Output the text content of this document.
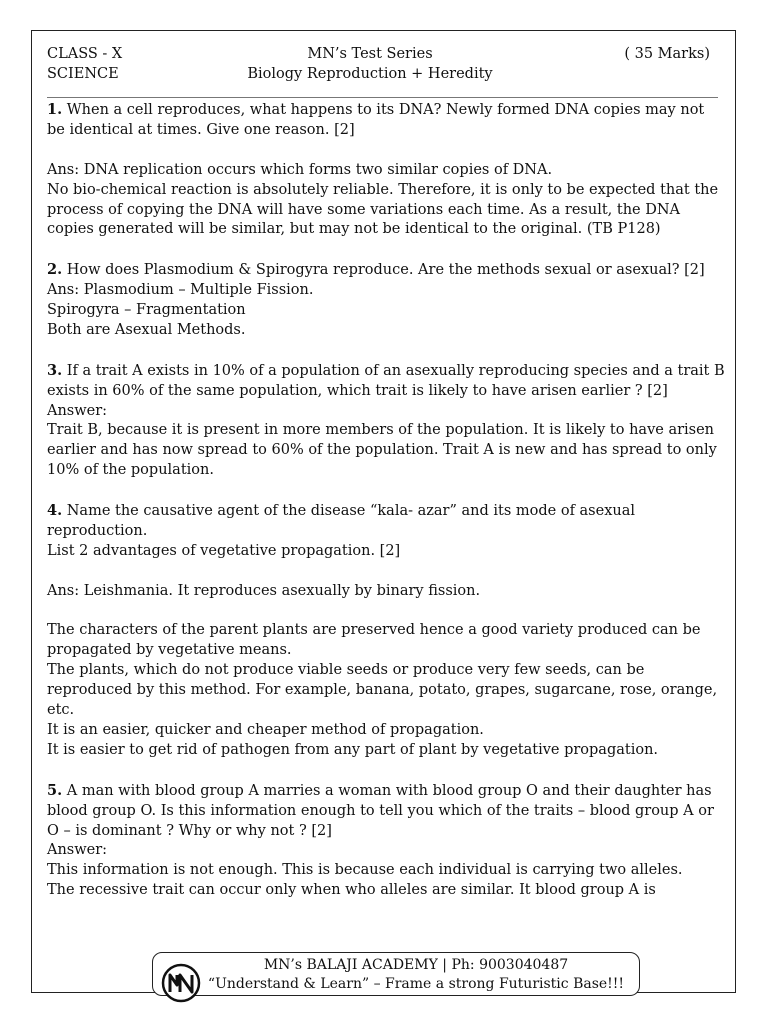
CLASS - X
SCIENCE
MN’s Test Series
Biology Reproduction + Heredity
( 35 Marks)

1. When a cell reproduces, what happens to its DNA? Newly formed DNA copies may not be identical at times. Give one reason. [2]

Ans: DNA replication occurs which forms two similar copies of DNA.

No bio-chemical reaction is absolutely reliable. Therefore, it is only to be expected that the process of copying the DNA will have some variations each time. As a result, the DNA copies generated will be similar, but may not be identical to the original. (TB P128)

2. How does Plasmodium & Spirogyra reproduce. Are the methods sexual or asexual? [2]

Ans: Plasmodium – Multiple Fission.

Spirogyra – Fragmentation

Both are Asexual Methods.

3. If a trait A exists in 10% of a population of an asexually reproducing species and a trait B exists in 60% of the same population, which trait is likely to have arisen earlier ? [2]

Answer:

Trait B, because it is present in more members of the population. It is likely to have arisen earlier and has now spread to 60% of the population. Trait A is new and has spread to only 10% of the population.

4. Name the causative agent of the disease “kala- azar” and its mode of asexual reproduction.

List 2 advantages of vegetative propagation. [2]

Ans: Leishmania. It reproduces asexually by binary fission.

The characters of the parent plants are preserved hence a good variety produced can be propagated by vegetative means.

The plants, which do not produce viable seeds or produce very few seeds, can be reproduced by this method. For example, banana, potato, grapes, sugarcane, rose, orange, etc.

It is an easier, quicker and cheaper method of propagation.

It is easier to get rid of pathogen from any part of plant by vegetative propagation.

5. A man with blood group A marries a woman with blood group O and their daughter has blood group O. Is this information enough to tell you which of the traits – blood group A or O – is dominant ? Why or why not ? [2]

Answer:

This information is not enough. This is because each individual is carrying two alleles.

The recessive trait can occur only when who alleles are similar. It blood group A is

MN’s BALAJI ACADEMY | Ph: 9003040487
“Understand & Learn” – Frame a strong Futuristic Base!!!
